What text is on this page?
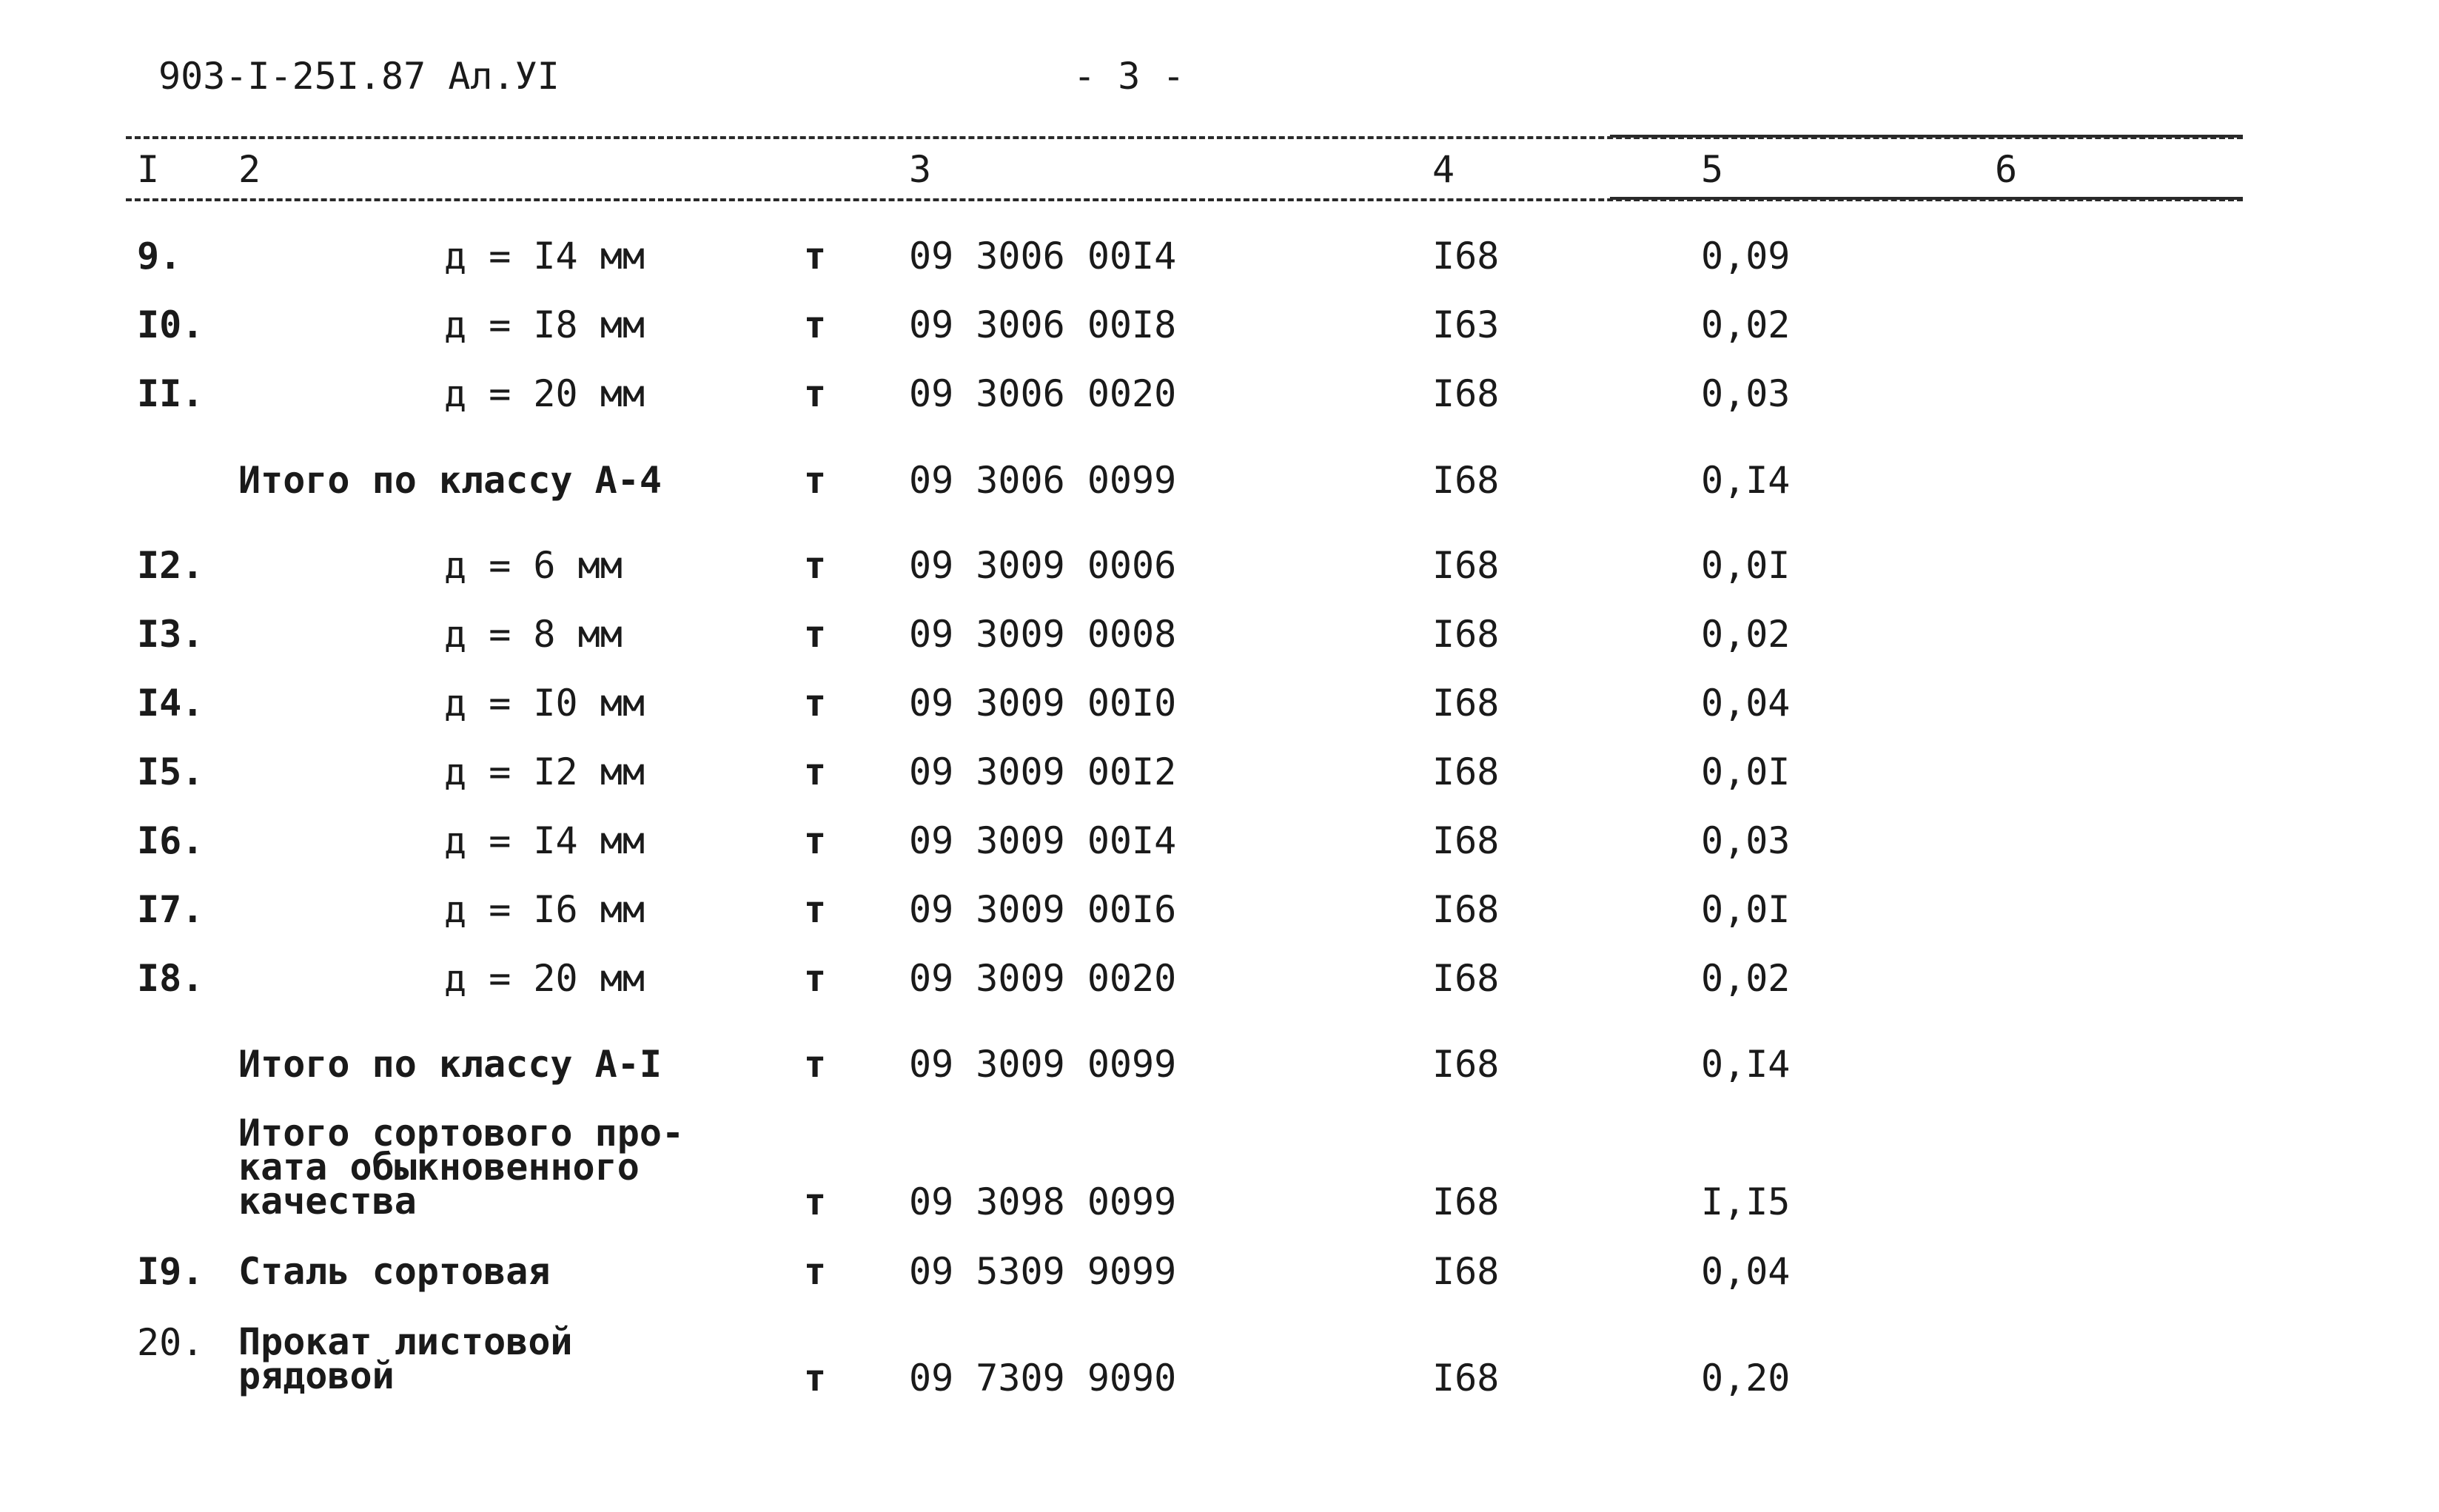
903-I-25I.87 Ал.УI	- 3 -
I 2	3	4	5	6
9.	д = I4 мм	т 09 3006 00I4	I68	0,09
I0.	д = I8 мм	т 09 3006 00I8	I63	0,02
II.	д = 20 мм	т 09 3006 0020	I68	0,03
Итого по классу А-4	т 09 3006 0099	I68	0,I4
I2.	д = 6 мм	т 09 3009 0006	I68	0,0I
I3.	д = 8 мм	т 09 3009 0008	I68	0,02
I4.	д = I0 мм	т 09 3009 00I0	I68	0,04
I5.	д = I2 мм	т 09 3009 00I2	I68	0,0I
I6.	д = I4 мм	т 09 3009 00I4	I68	0,03
I7.	д = I6 мм	т 09 3009 00I6	I68	0,0I
I8.	д = 20 мм	т 09 3009 0020	I68	0,02
Итого по классу А-I	т 09 3009 0099	I68	0,I4
Итого сортового про-
ката обыкновенного
качества	т 09 3098 0099	I68	I,I5
I9. Сталь сортовая	т 09 5309 9099	I68	0,04
20. Прокат листовой
рядовой	т 09 7309 9090	I68	0,20
